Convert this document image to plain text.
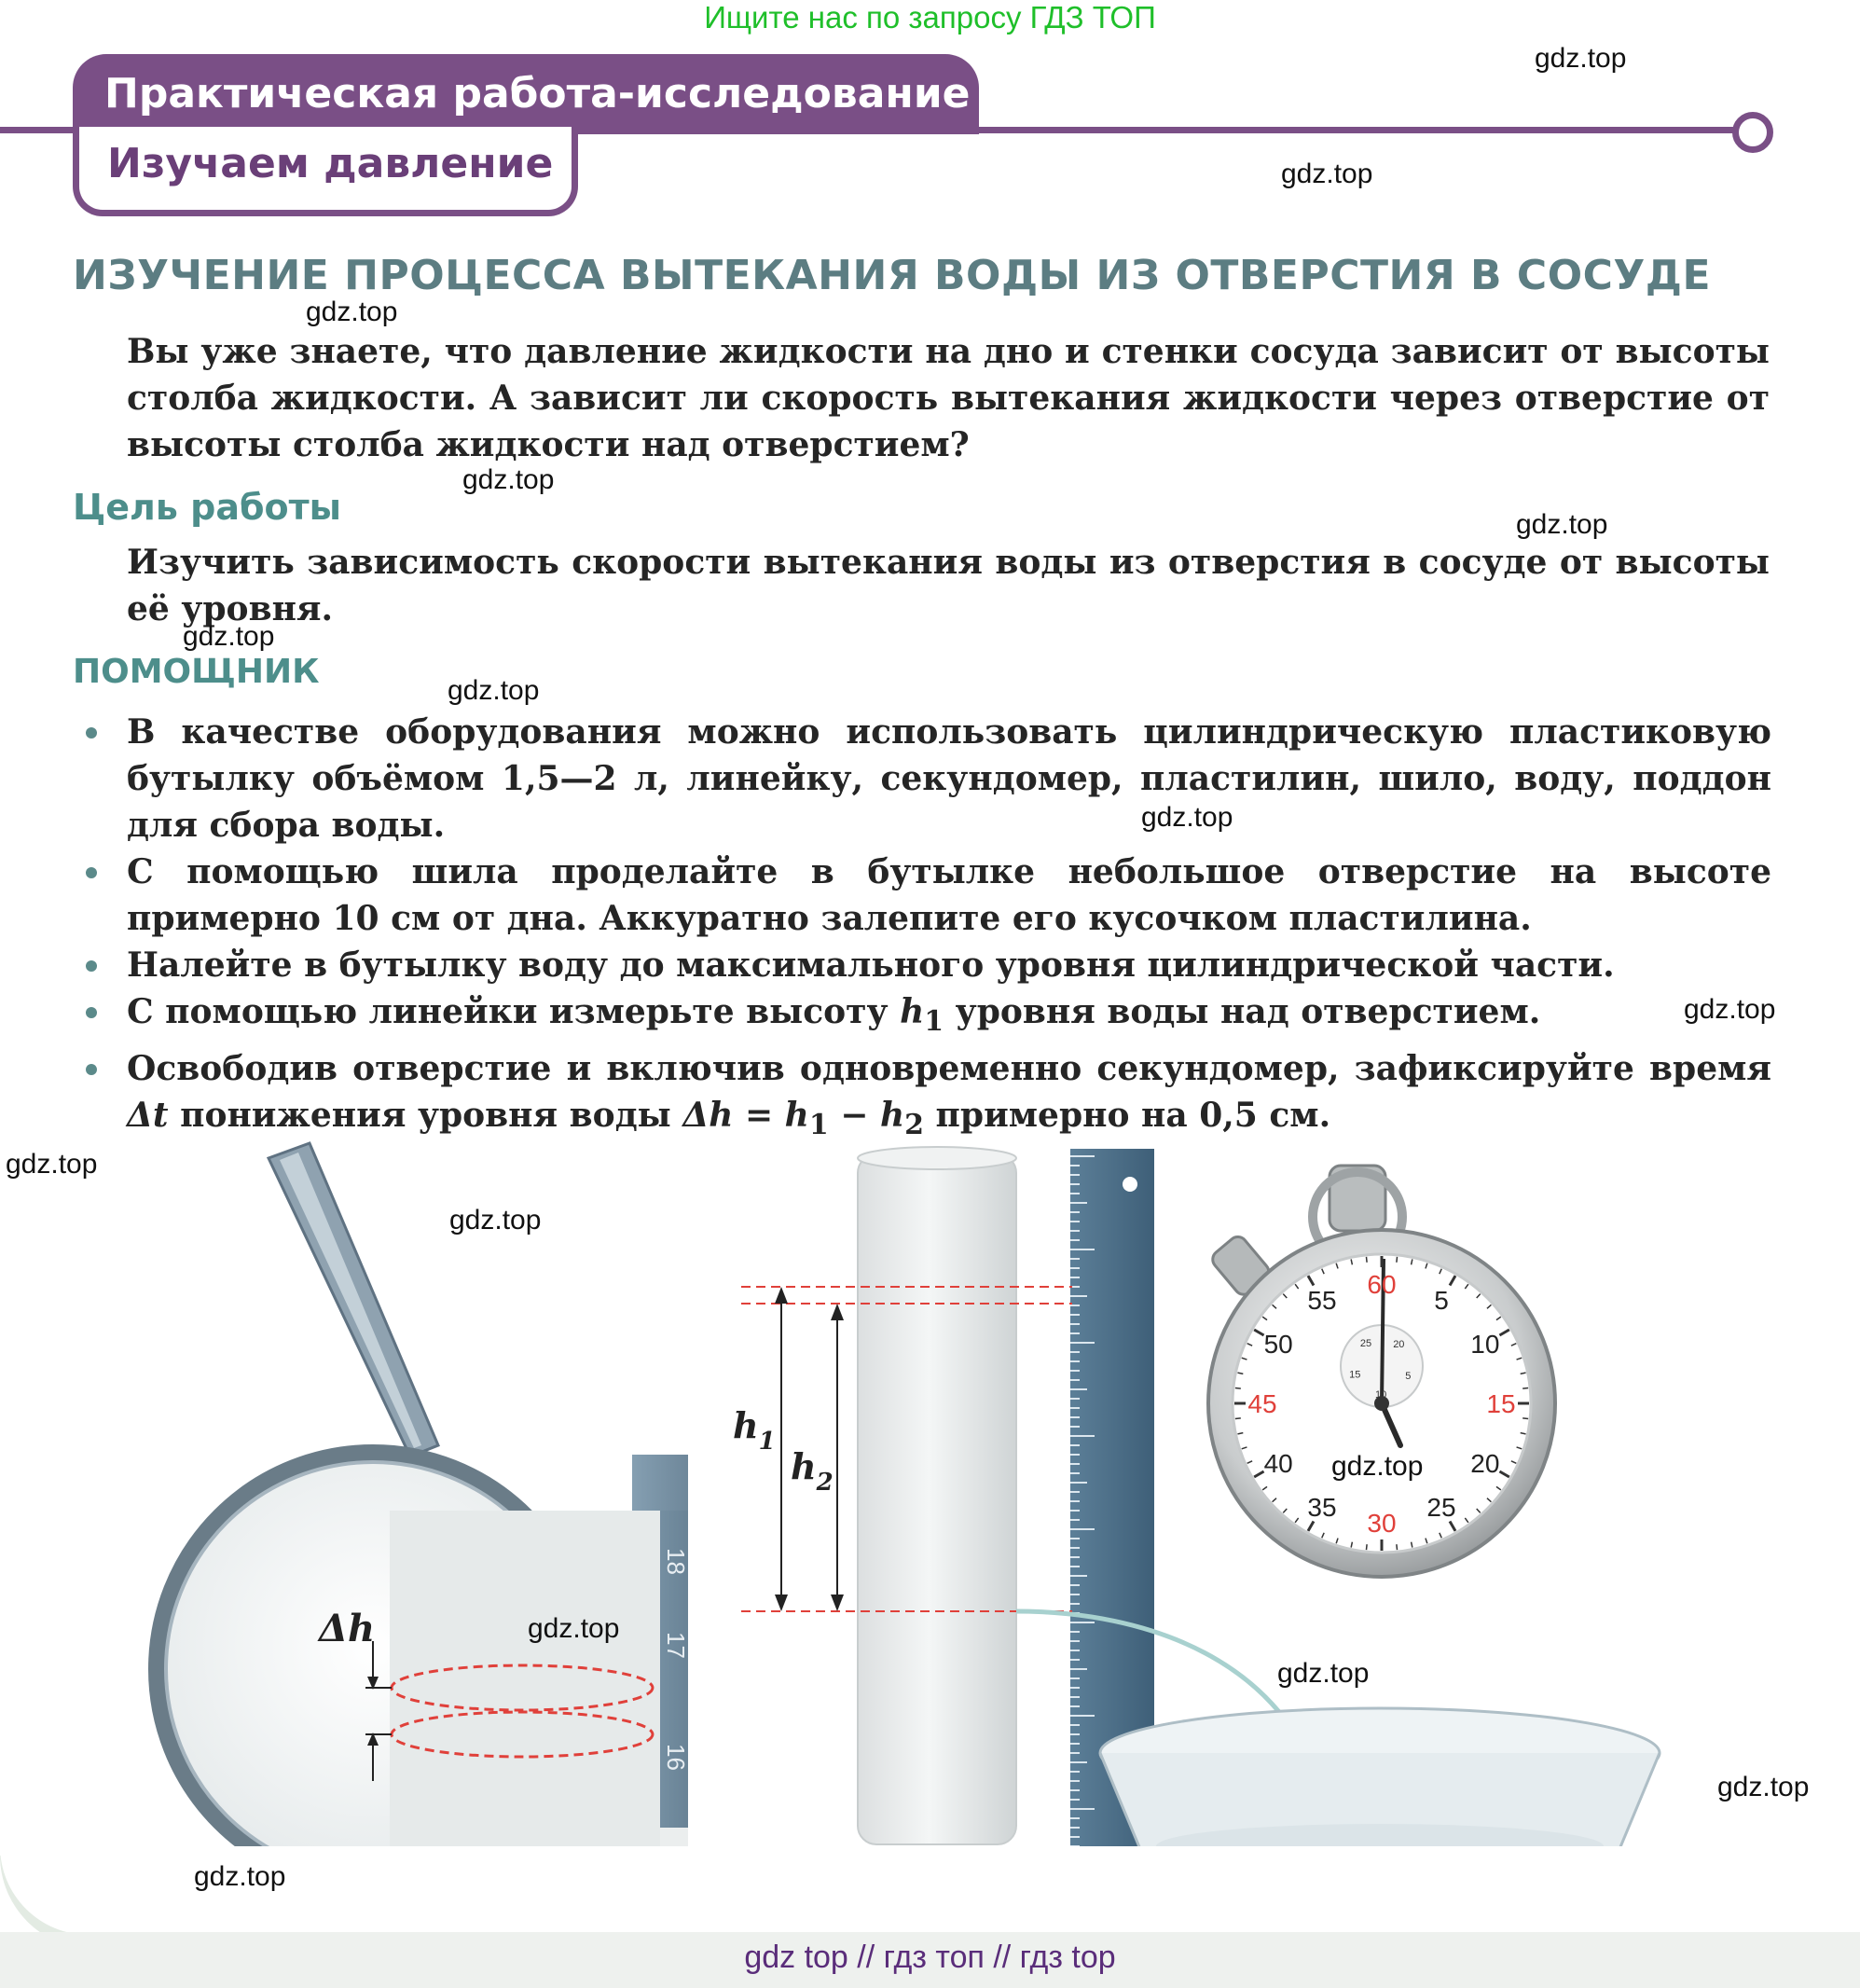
Ищите нас по запросу ГДЗ ТОП
Практическая работа-исследование
Изучаем давление
ИЗУЧЕНИЕ ПРОЦЕССА ВЫТЕКАНИЯ ВОДЫ ИЗ ОТВЕРСТИЯ В СОСУДЕ
Вы уже знаете, что давление жидкости на дно и стенки сосуда зависит от высоты столба жидкости. А зависит ли скорость вытекания жидкости через отверстие от высоты столба жидкости над отверстием?
Цель работы
Изучить зависимость скорости вытекания воды из отверстия в сосуде от высоты её уровня.
ПОМОЩНИК
В качестве оборудования можно использовать цилиндрическую пластиковую бутылку объёмом 1,5—2 л, линейку, секундомер, пластилин, шило, воду, поддон для сбора воды.
С помощью шила проделайте в бутылке небольшое отверстие на высоте примерно 10 см от дна. Аккуратно залепите его кусочком пластилина.
Налейте в бутылку воду до максимального уровня цилиндрической части.
С помощью линейки измерьте высоту $h_1$ уровня воды над отверстием.
Освободив отверстие и включив одновременно секундомер, зафиксируйте время Δt понижения уровня воды $\Delta h = h_1 - h_2$ примерно на 0,5 см.
Δh
18
17
16
$h_1$
$h_2$
60
5
10
15
20
25
30
35
40
45
50
55
25 20
5
10
15
gdz top // гдз топ // гдз top
gdz.top
gdz.top
gdz.top
gdz.top
gdz.top
gdz.top
gdz.top
gdz.top
gdz.top
gdz.top
gdz.top
gdz.top
gdz.top
gdz.top
gdz.top
gdz.top
